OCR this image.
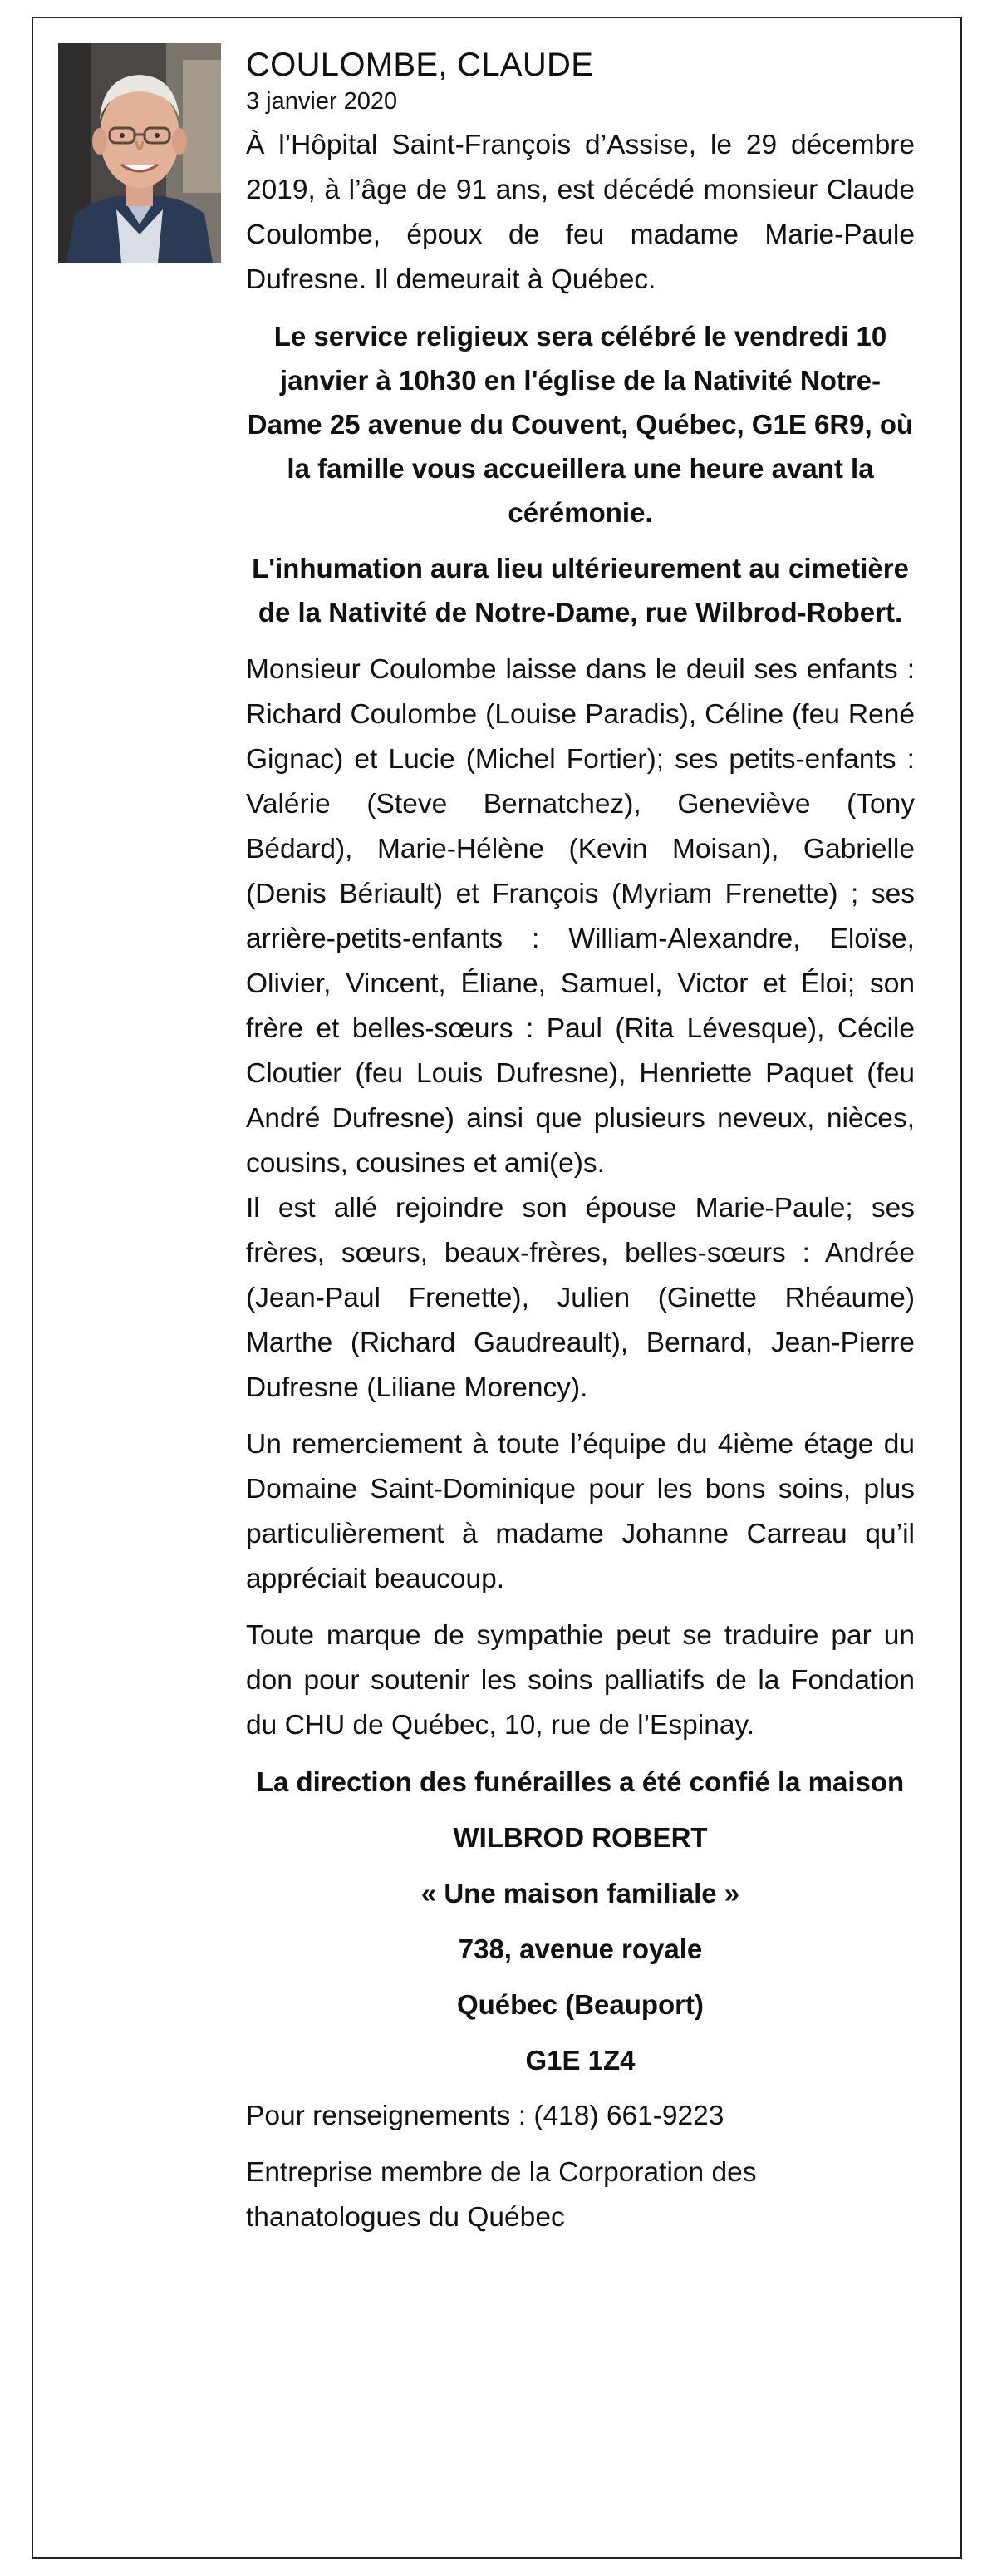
COULOMBE, CLAUDE
3 janvier 2020

À l’Hôpital Saint-François d’Assise, le 29 décembre 2019, à l’âge de 91 ans, est décédé monsieur Claude Coulombe, époux de feu madame Marie-Paule Dufresne. Il demeurait à Québec.

Le service religieux sera célébré le vendredi 10 janvier à 10h30 en l'église de la Nativité Notre-Dame 25 avenue du Couvent, Québec, G1E 6R9, où la famille vous accueillera une heure avant la cérémonie.

L'inhumation aura lieu ultérieurement au cimetière de la Nativité de Notre-Dame, rue Wilbrod-Robert.

Monsieur Coulombe laisse dans le deuil ses enfants : Richard Coulombe (Louise Paradis), Céline (feu René Gignac) et Lucie (Michel Fortier); ses petits-enfants : Valérie (Steve Bernatchez), Geneviève (Tony Bédard), Marie-Hélène (Kevin Moisan), Gabrielle (Denis Bériault) et François (Myriam Frenette) ; ses arrière-petits-enfants : William-Alexandre, Eloïse, Olivier, Vincent, Éliane, Samuel, Victor et Éloi; son frère et belles-sœurs : Paul (Rita Lévesque), Cécile Cloutier (feu Louis Dufresne), Henriette Paquet (feu André Dufresne) ainsi que plusieurs neveux, nièces, cousins, cousines et ami(e)s.

Il est allé rejoindre son épouse Marie-Paule; ses frères, sœurs, beaux-frères, belles-sœurs : Andrée (Jean-Paul Frenette), Julien (Ginette Rhéaume) Marthe (Richard Gaudreault), Bernard, Jean-Pierre Dufresne (Liliane Morency).

Un remerciement à toute l’équipe du 4ième étage du Domaine Saint-Dominique pour les bons soins, plus particulièrement à madame Johanne Carreau qu’il appréciait beaucoup.

Toute marque de sympathie peut se traduire par un don pour soutenir les soins palliatifs de la Fondation du CHU de Québec, 10, rue de l’Espinay.

La direction des funérailles a été confié la maison

WILBROD ROBERT

« Une maison familiale »

738, avenue royale

Québec (Beauport)

G1E 1Z4

Pour renseignements : (418) 661-9223

Entreprise membre de la Corporation des thanatologues du Québec
